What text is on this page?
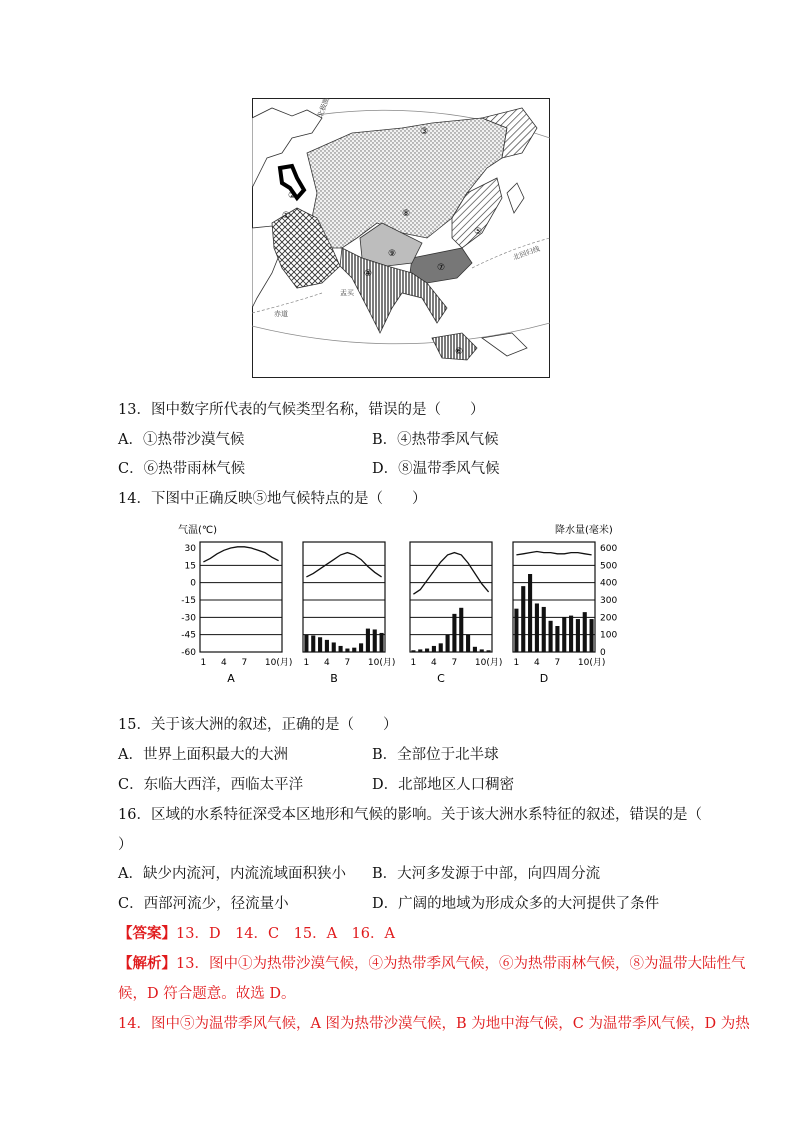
②
①
③
④
⑤
⑥
⑦
⑧
⑨
北极圈
北回归线
赤道
盂买
13．图中数字所代表的气候类型名称，错误的是（　　）
A．①热带沙漠气候	B．④热带季风气候
C．⑥热带雨林气候	D．⑧温带季风气候
14．下图中正确反映⑤地气候特点的是（　　）
气温(℃)	降水量(毫米)
30
15
0
-15
-30
-45
-60
600
500
400
300
200
100
0
1 4 7 10(月)
A
1 4 7 10(月)
B
1 4 7 10(月)
C
1 4 7 10(月)
D
15．关于该大洲的叙述，正确的是（　　）
A．世界上面积最大的大洲	B．全部位于北半球
C．东临大西洋，西临太平洋	D．北部地区人口稠密
16．区域的水系特征深受本区地形和气候的影响。关于该大洲水系特征的叙述，错误的是（
）
A．缺少内流河，内流流域面积狭小 B．大河多发源于中部，向四周分流
C．西部河流少，径流量小	D．广阔的地域为形成众多的大河提供了条件
【答案】13．D　14．C　15．A　16．A
【解析】13．图中①为热带沙漠气候，④为热带季风气候，⑥为热带雨林气候，⑧为温带大陆性气
候，D 符合题意。故选 D。
14．图中⑤为温带季风气候，A 图为热带沙漠气候，B 为地中海气候，C 为温带季风气候，D 为热
